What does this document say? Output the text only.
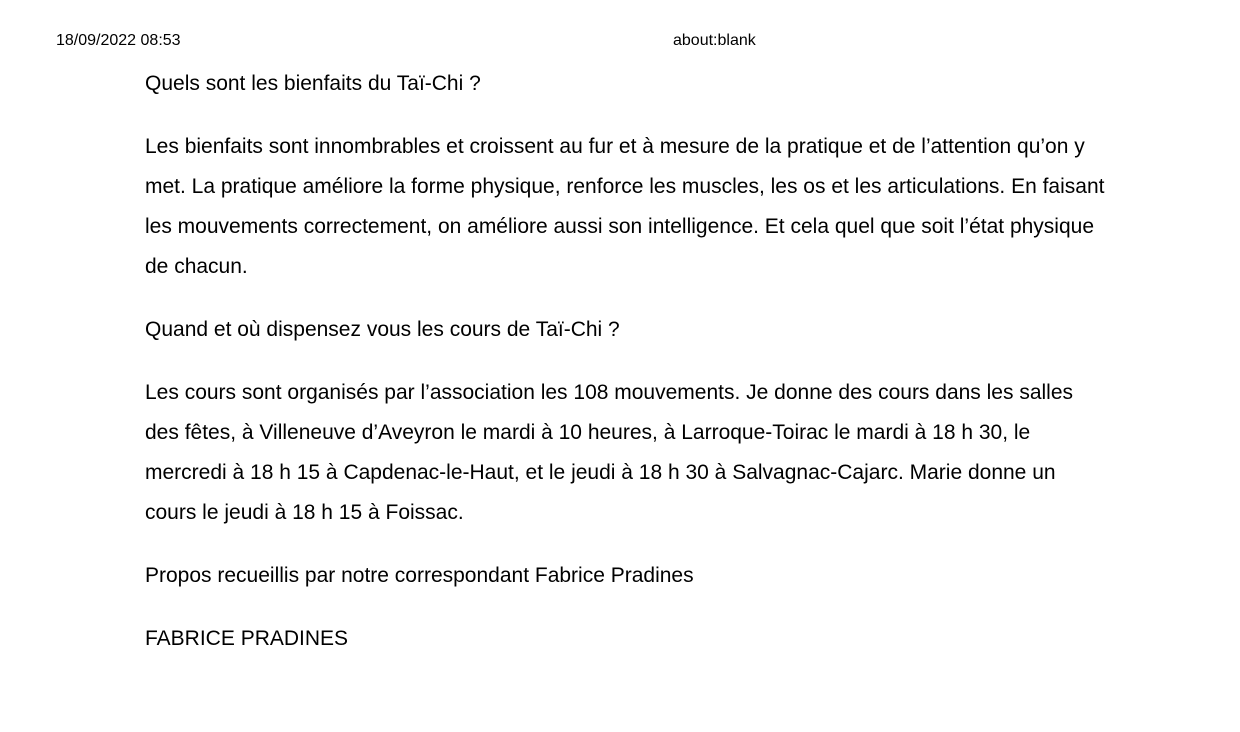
18/09/2022 08:53	about:blank

Quels sont les bienfaits du Taï-Chi ?

Les bienfaits sont innombrables et croissent au fur et à mesure de la pratique et de l’attention qu’on y met. La pratique améliore la forme physique, renforce les muscles, les os et les articulations. En faisant les mouvements correctement, on améliore aussi son intelligence. Et cela quel que soit l’état physique de chacun.

Quand et où dispensez vous les cours de Taï-Chi ?

Les cours sont organisés par l’association les 108 mouvements. Je donne des cours dans les salles des fêtes, à Villeneuve d’Aveyron le mardi à 10 heures, à Larroque-Toirac le mardi à 18 h 30, le mercredi à 18 h 15 à Capdenac-le-Haut, et le jeudi à 18 h 30 à Salvagnac-Cajarc. Marie donne un cours le jeudi à 18 h 15 à Foissac.

Propos recueillis par notre correspondant Fabrice Pradines

FABRICE PRADINES
